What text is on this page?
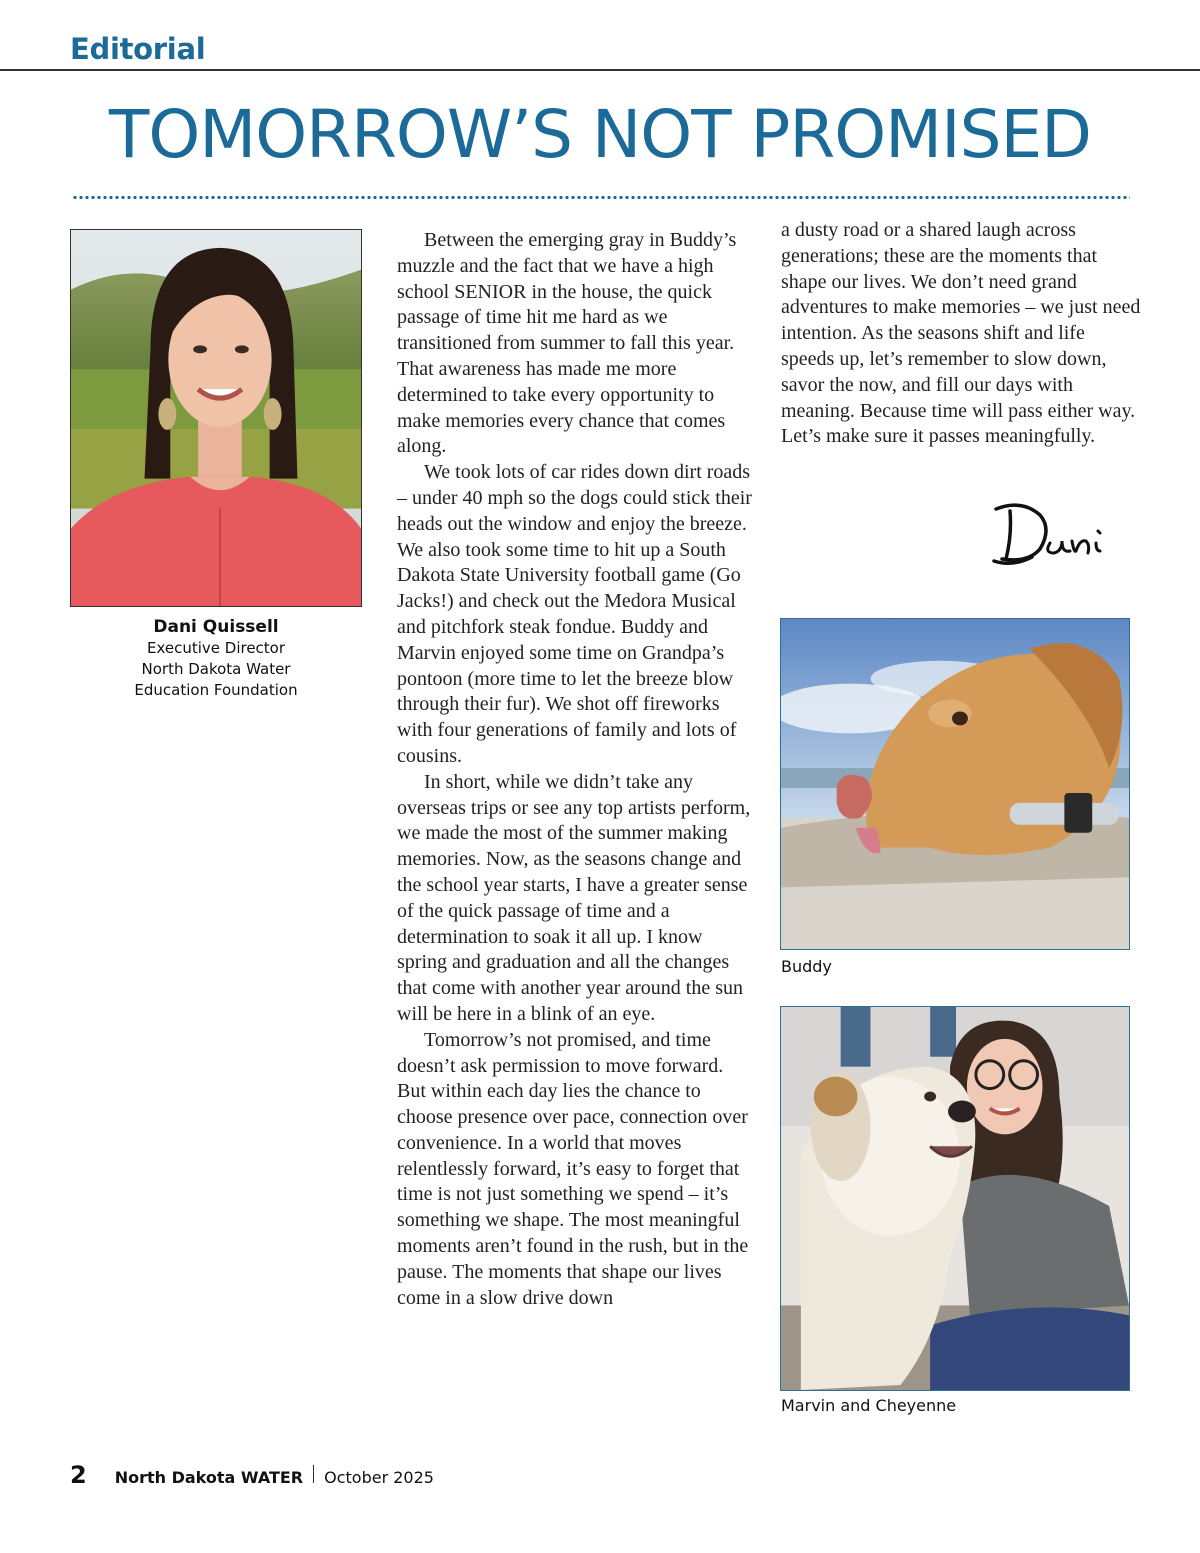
Editorial
TOMORROW’S NOT PROMISED
Dani Quissell
Executive Director
North Dakota Water
Education Foundation

Between the emerging gray in Buddy’s muzzle and the fact that we have a high school SENIOR in the house, the quick passage of time hit me hard as we transitioned from summer to fall this year. That awareness has made me more determined to take every opportunity to make memories every chance that comes along.

We took lots of car rides down dirt roads – under 40 mph so the dogs could stick their heads out the window and enjoy the breeze. We also took some time to hit up a South Dakota State University football game (Go Jacks!) and check out the Medora Musical and pitchfork steak fondue. Buddy and Marvin enjoyed some time on Grandpa’s pontoon (more time to let the breeze blow through their fur). We shot off fireworks with four generations of family and lots of cousins.

In short, while we didn’t take any overseas trips or see any top artists perform, we made the most of the summer making memories. Now, as the seasons change and the school year starts, I have a greater sense of the quick passage of time and a determination to soak it all up. I know spring and graduation and all the changes that come with another year around the sun will be here in a blink of an eye.

Tomorrow’s not promised, and time doesn’t ask permission to move forward. But within each day lies the chance to choose presence over pace, connection over convenience. In a world that moves relentlessly forward, it’s easy to forget that time is not just something we spend – it’s something we shape. The most meaningful moments aren’t found in the rush, but in the pause. The moments that shape our lives come in a slow drive down

a dusty road or a shared laugh across generations; these are the moments that shape our lives. We don’t need grand adventures to make memories – we just need intention. As the seasons shift and life speeds up, let’s remember to slow down, savor the now, and fill our days with meaning. Because time will pass either way. Let’s make sure it passes meaningfully.

Buddy
Marvin and Cheyenne
2 North Dakota WATER October 2025
